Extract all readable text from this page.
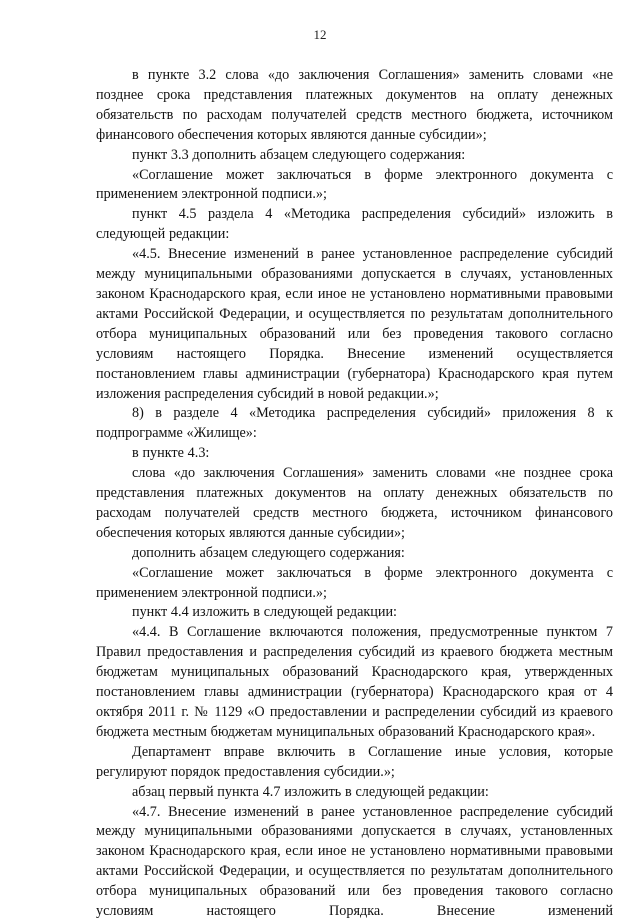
12

в пункте 3.2 слова «до заключения Соглашения» заменить словами «не позднее срока представления платежных документов на оплату денежных обязательств по расходам получателей средств местного бюджета, источником финансового обеспечения которых являются данные субсидии»;

пункт 3.3 дополнить абзацем следующего содержания:

«Соглашение может заключаться в форме электронного документа с применением электронной подписи.»;

пункт 4.5 раздела 4 «Методика распределения субсидий» изложить в следующей редакции:

«4.5. Внесение изменений в ранее установленное распределение субсидий между муниципальными образованиями допускается в случаях, установленных законом Краснодарского края, если иное не установлено нормативными правовыми актами Российской Федерации, и осуществляется по результатам дополнительного отбора муниципальных образований или без проведения такового согласно условиям настоящего Порядка. Внесение изменений осуществляется постановлением главы администрации (губернатора) Краснодарского края путем изложения распределения субсидий в новой редакции.»;

8) в разделе 4 «Методика распределения субсидий» приложения 8 к подпрограмме «Жилище»:

в пункте 4.3:

слова «до заключения Соглашения» заменить словами «не позднее срока представления платежных документов на оплату денежных обязательств по расходам получателей средств местного бюджета, источником финансового обеспечения которых являются данные субсидии»;

дополнить абзацем следующего содержания:

«Соглашение может заключаться в форме электронного документа с применением электронной подписи.»;

пункт 4.4 изложить в следующей редакции:

«4.4. В Соглашение включаются положения, предусмотренные пунктом 7 Правил предоставления и распределения субсидий из краевого бюджета местным бюджетам муниципальных образований Краснодарского края, утвержденных постановлением главы администрации (губернатора) Краснодарского края от 4 октября 2011 г. № 1129 «О предоставлении и распределении субсидий из краевого бюджета местным бюджетам муниципальных образований Краснодарского края».

Департамент вправе включить в Соглашение иные условия, которые регулируют порядок предоставления субсидии.»;

абзац первый пункта 4.7 изложить в следующей редакции:

«4.7. Внесение изменений в ранее установленное распределение субсидий между муниципальными образованиями допускается в случаях, установленных законом Краснодарского края, если иное не установлено нормативными правовыми актами Российской Федерации, и осуществляется по результатам дополнительного отбора муниципальных образований или без проведения такового согласно условиям настоящего Порядка. Внесение изменений
